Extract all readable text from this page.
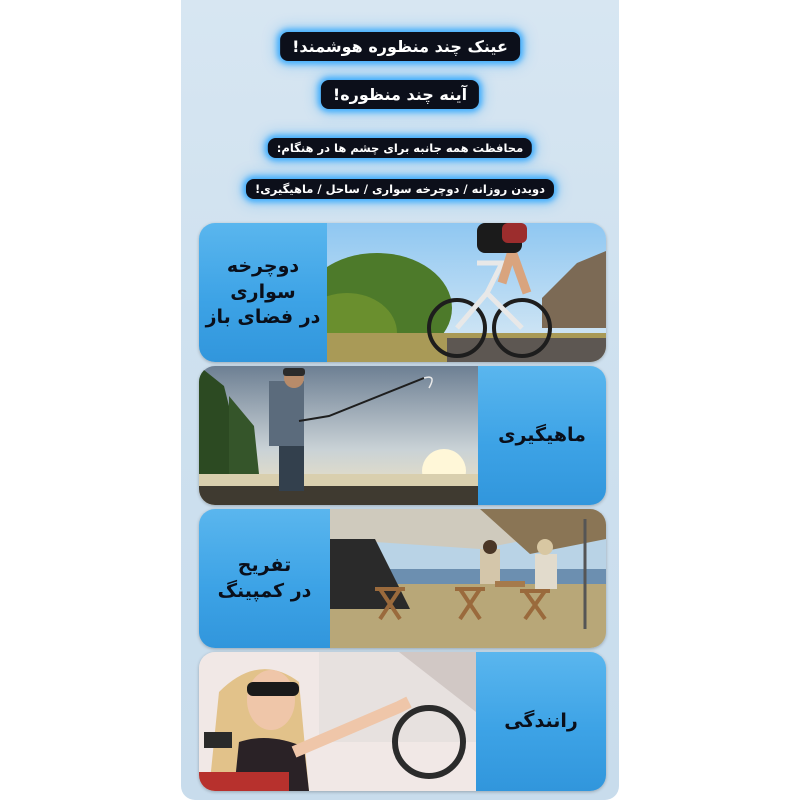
عینک چند منظوره هوشمند!
آینه چند منظوره!
محافظت همه جانبه برای چشم ها در هنگام:
دویدن روزانه / دوچرخه سواری / ساحل / ماهیگیری!
دوچرخه سواری
در فضای باز
ماهیگیری
تفریح
در کمپینگ
رانندگی
